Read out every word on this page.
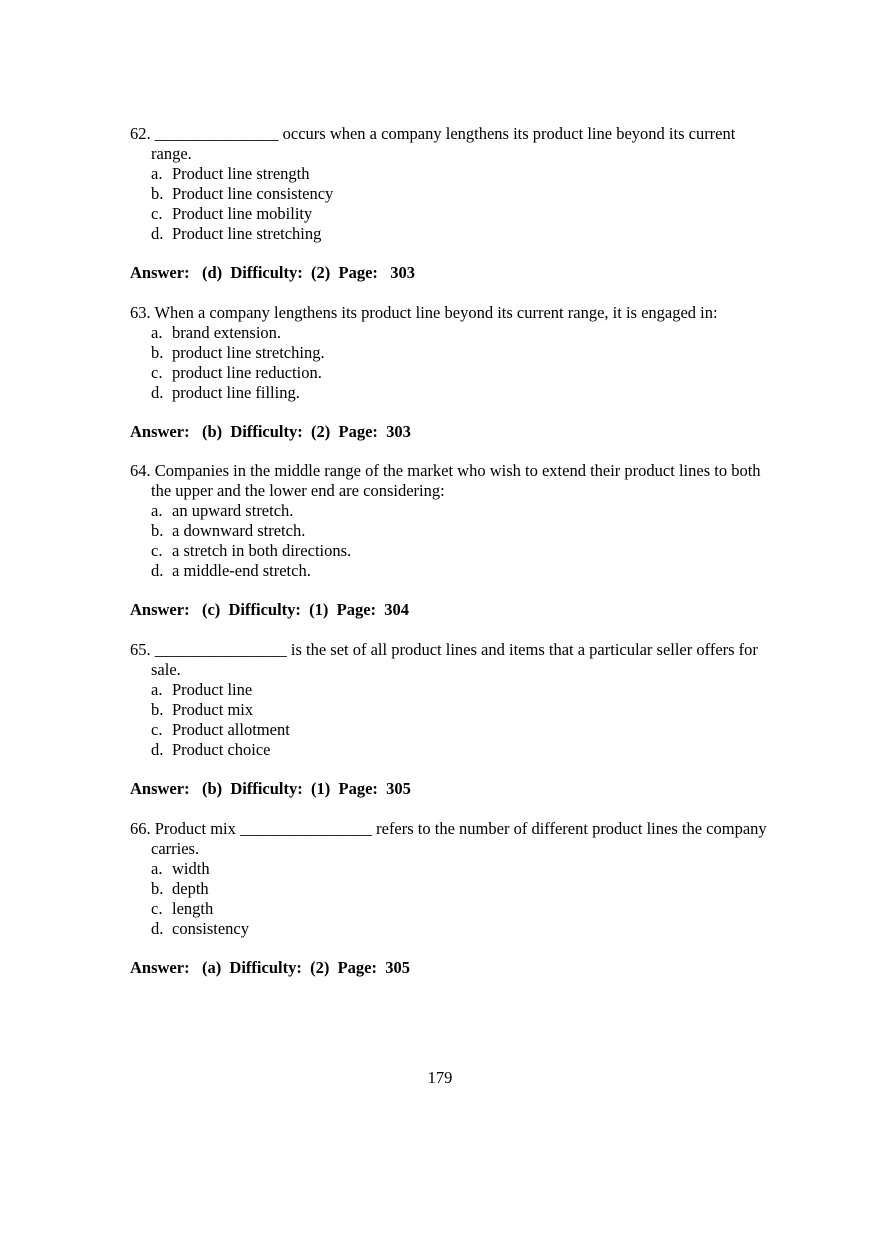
62. _______________ occurs when a company lengthens its product line beyond its current range.

a. Product line strength
b. Product line consistency
c. Product line mobility
d. Product line stretching
Answer:   (d)  Difficulty:  (2)  Page:   303

63. When a company lengthens its product line beyond its current range, it is engaged in:

a. brand extension.
b. product line stretching.
c. product line reduction.
d. product line filling.
Answer:   (b)  Difficulty:  (2)  Page:  303

64. Companies in the middle range of the market who wish to extend their product lines to both the upper and the lower end are considering:

a. an upward stretch.
b. a downward stretch.
c. a stretch in both directions.
d. a middle-end stretch.
Answer:   (c)  Difficulty:  (1)  Page:  304

65. ________________ is the set of all product lines and items that a particular seller offers for sale.

a. Product line
b. Product mix
c. Product allotment
d. Product choice
Answer:   (b)  Difficulty:  (1)  Page:  305

66. Product mix ________________ refers to the number of different product lines the company carries.

a. width
b. depth
c. length
d. consistency
Answer:   (a)  Difficulty:  (2)  Page:  305
179
